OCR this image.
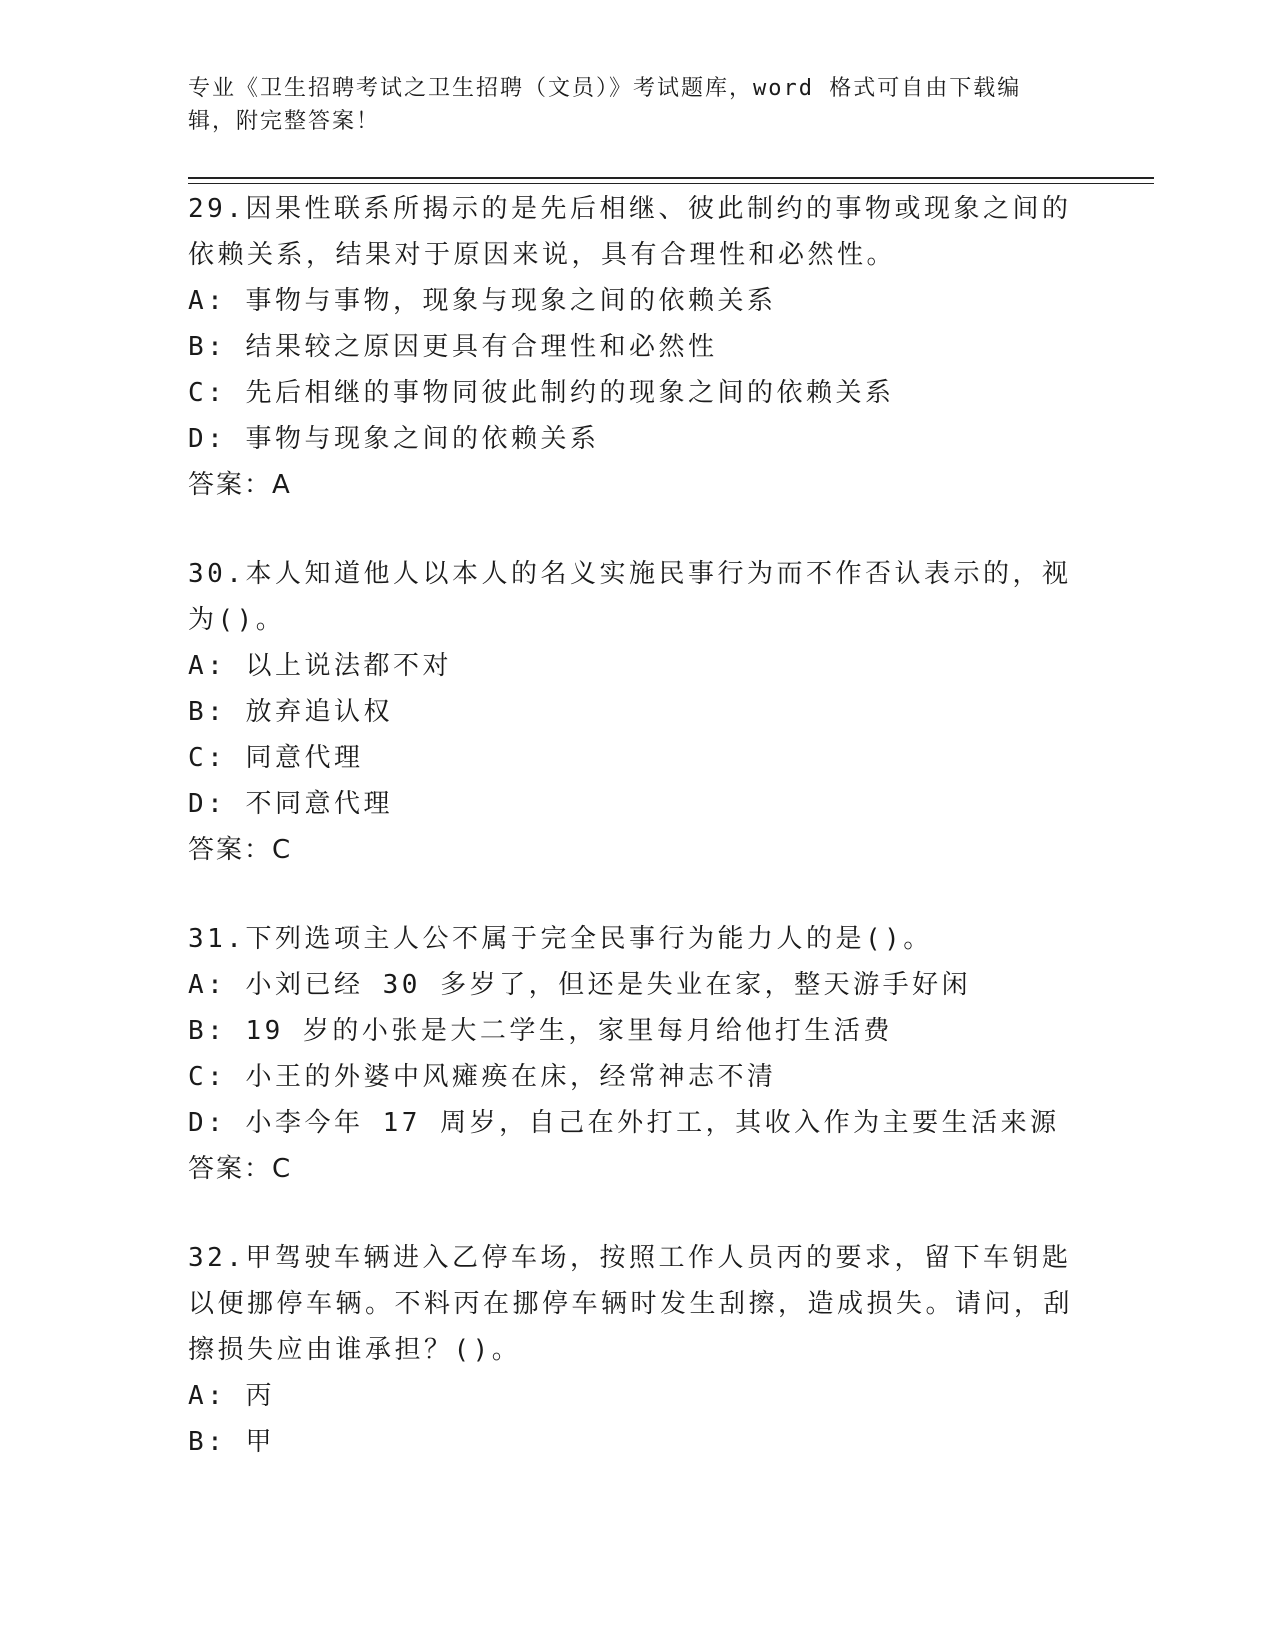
专业《卫生招聘考试之卫生招聘（文员）》考试题库，word 格式可自由下载编辑，附完整答案！

29.因果性联系所揭示的是先后相继、彼此制约的事物或现象之间的依赖关系，结果对于原因来说，具有合理性和必然性。

A: 事物与事物，现象与现象之间的依赖关系

B: 结果较之原因更具有合理性和必然性

C: 先后相继的事物同彼此制约的现象之间的依赖关系

D: 事物与现象之间的依赖关系

答案：A

30.本人知道他人以本人的名义实施民事行为而不作否认表示的，视为()。

A: 以上说法都不对

B: 放弃追认权

C: 同意代理

D: 不同意代理

答案：C

31.下列选项主人公不属于完全民事行为能力人的是()。

A: 小刘已经 30 多岁了，但还是失业在家，整天游手好闲

B: 19 岁的小张是大二学生，家里每月给他打生活费

C: 小王的外婆中风瘫痪在床，经常神志不清

D: 小李今年 17 周岁，自己在外打工，其收入作为主要生活来源

答案：C

32.甲驾驶车辆进入乙停车场，按照工作人员丙的要求，留下车钥匙以便挪停车辆。不料丙在挪停车辆时发生刮擦，造成损失。请问，刮擦损失应由谁承担？()。

A: 丙

B: 甲
